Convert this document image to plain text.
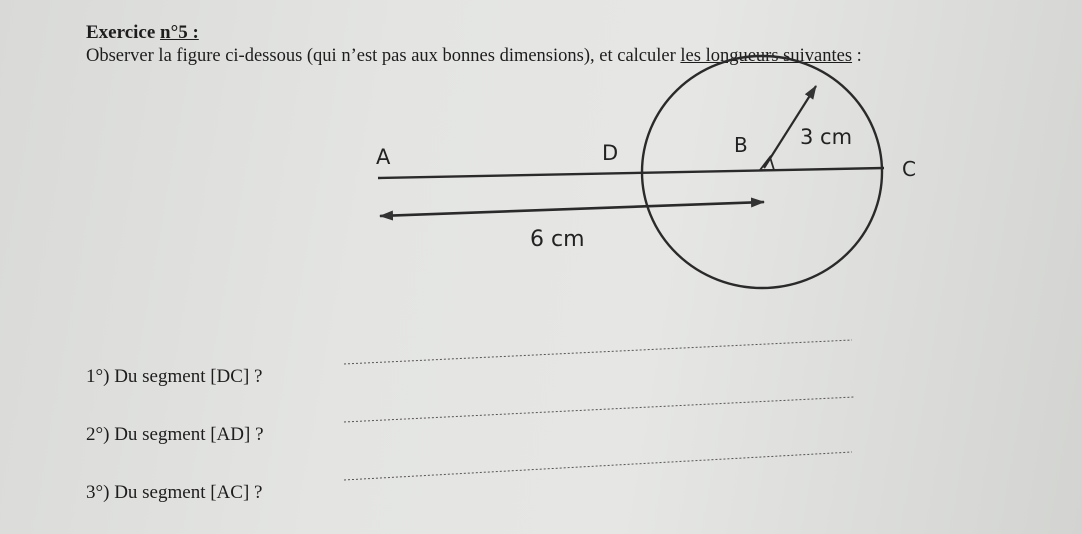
Exercice n°5 :
Observer la figure ci-dessous (qui n’est pas aux bonnes dimensions), et calculer les longueurs suivantes :
A	D	B
C
3 cm
6 cm
1°) Du segment [DC] ?
2°) Du segment [AD] ?
3°) Du segment [AC] ?
